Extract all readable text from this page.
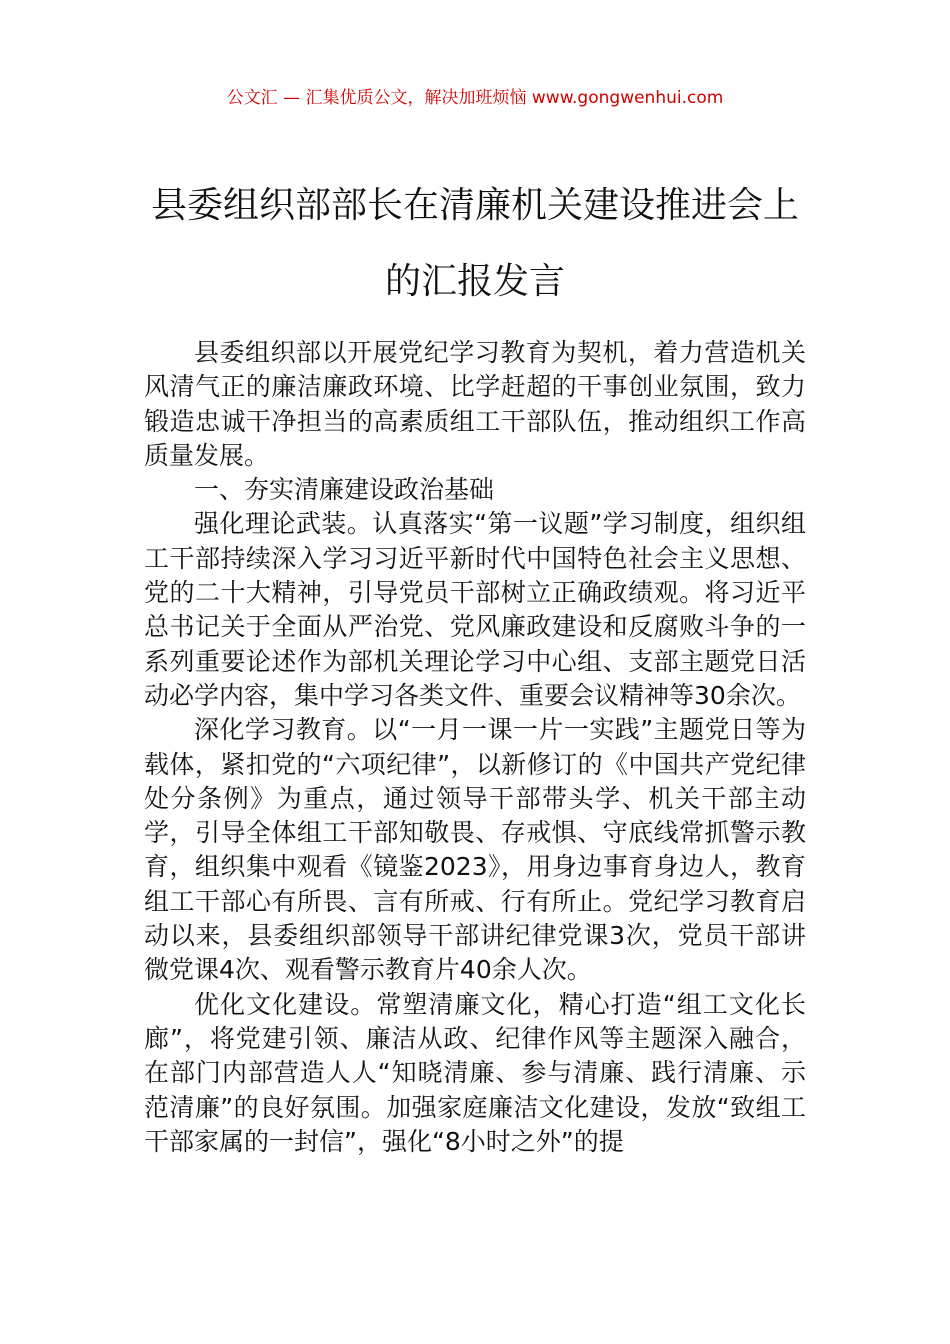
公文汇 — 汇集优质公文，解决加班烦恼 www.gongwenhui.com
县委组织部部长在清廉机关建设推进会上
的汇报发言

县委组织部以开展党纪学习教育为契机，着力营造机关风清气正的廉洁廉政环境、比学赶超的干事创业氛围，致力锻造忠诚干净担当的高素质组工干部队伍，推动组织工作高质量发展。

一、夯实清廉建设政治基础

强化理论武装。认真落实“第一议题”学习制度，组织组工干部持续深入学习习近平新时代中国特色社会主义思想、党的二十大精神，引导党员干部树立正确政绩观。将习近平总书记关于全面从严治党、党风廉政建设和反腐败斗争的一系列重要论述作为部机关理论学习中心组、支部主题党日活动必学内容，集中学习各类文件、重要会议精神等30余次。

深化学习教育。以“一月一课一片一实践”主题党日等为载体，紧扣党的“六项纪律”，以新修订的《中国共产党纪律处分条例》为重点，通过领导干部带头学、机关干部主动学，引导全体组工干部知敬畏、存戒惧、守底线常抓警示教育，组织集中观看《镜鉴2023》，用身边事育身边人，教育组工干部心有所畏、言有所戒、行有所止。党纪学习教育启动以来，县委组织部领导干部讲纪律党课3次，党员干部讲微党课4次、观看警示教育片40余人次。

优化文化建设。常塑清廉文化，精心打造“组工文化长廊”，将党建引领、廉洁从政、纪律作风等主题深入融合，在部门内部营造人人“知晓清廉、参与清廉、践行清廉、示范清廉”的良好氛围。加强家庭廉洁文化建设，发放“致组工干部家属的一封信”，强化“8小时之外”的提
